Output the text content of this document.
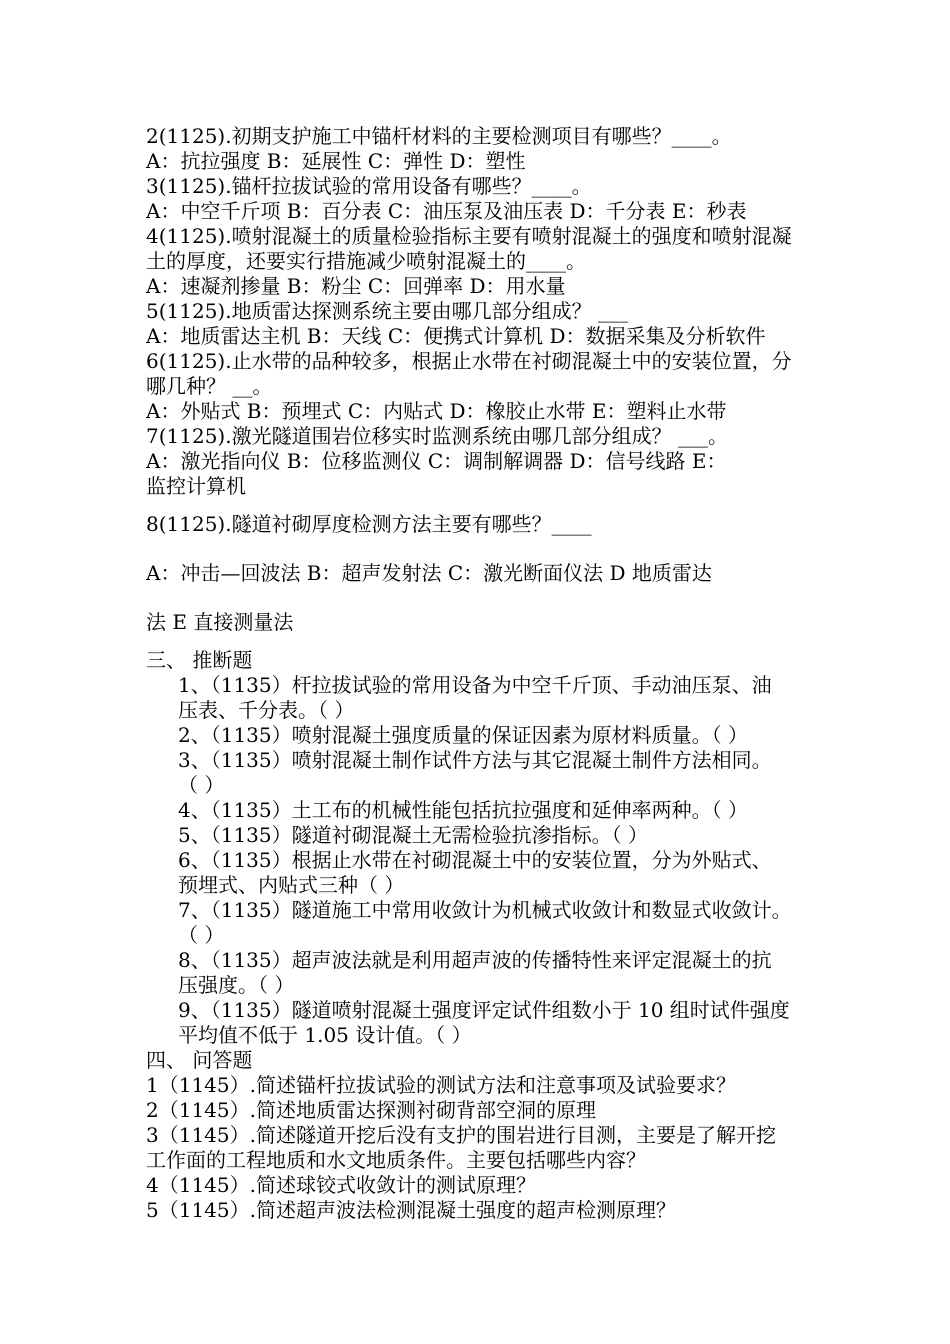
2(1125).初期支护施工中锚杆材料的主要检测项目有哪些？____。
A：抗拉强度 B：延展性 C：弹性 D：塑性
3(1125).锚杆拉拔试验的常用设备有哪些？____。
A：中空千斤项 B：百分表 C：油压泵及油压表 D：千分表 E：秒表
4(1125).喷射混凝土的质量检验指标主要有喷射混凝土的强度和喷射混凝
土的厚度，还要实行措施减少喷射混凝土的____。
A：速凝剂掺量 B：粉尘 C：回弹率 D：用水量
5(1125).地质雷达探测系统主要由哪几部分组成？ ___
A：地质雷达主机 B：天线 C：便携式计算机 D：数据采集及分析软件
6(1125).止水带的品种较多，根据止水带在衬砌混凝土中的安装位置，分
哪几种？ __。
A：外贴式 B：预埋式 C：内贴式 D：橡胶止水带 E：塑料止水带
7(1125).激光隧道围岩位移实时监测系统由哪几部分组成？ ___。
A：激光指向仪 B：位移监测仪 C：调制解调器 D：信号线路 E：
监控计算机
8(1125).隧道衬砌厚度检测方法主要有哪些？____
A：冲击—回波法 B：超声发射法 C：激光断面仪法 D 地质雷达
法 E 直接测量法
三、 推断题
1、（1135）杆拉拔试验的常用设备为中空千斤顶、手动油压泵、油
压表、千分表。（ ）
2、（1135）喷射混凝土强度质量的保证因素为原材料质量。（ ）
3、（1135）喷射混凝土制作试件方法与其它混凝土制件方法相同。
（ ）
4、（1135）土工布的机械性能包括抗拉强度和延伸率两种。（ ）
5、（1135）隧道衬砌混凝土无需检验抗渗指标。（ ）
6、（1135）根据止水带在衬砌混凝土中的安装位置，分为外贴式、
预埋式、内贴式三种（ ）
7、（1135）隧道施工中常用收敛计为机械式收敛计和数显式收敛计。
（ ）
8、（1135）超声波法就是利用超声波的传播特性来评定混凝土的抗
压强度。（ ）
9、（1135）隧道喷射混凝土强度评定试件组数小于 10 组时试件强度
平均值不低于 1.05 设计值。（ ）
四、 问答题
1（1145）.简述锚杆拉拔试验的测试方法和注意事项及试验要求？
2（1145）.简述地质雷达探测衬砌背部空洞的原理
3（1145）.简述隧道开挖后没有支护的围岩进行目测，主要是了解开挖
工作面的工程地质和水文地质条件。主要包括哪些内容？
4（1145）.简述球铰式收敛计的测试原理？
5（1145）.简述超声波法检测混凝土强度的超声检测原理？
